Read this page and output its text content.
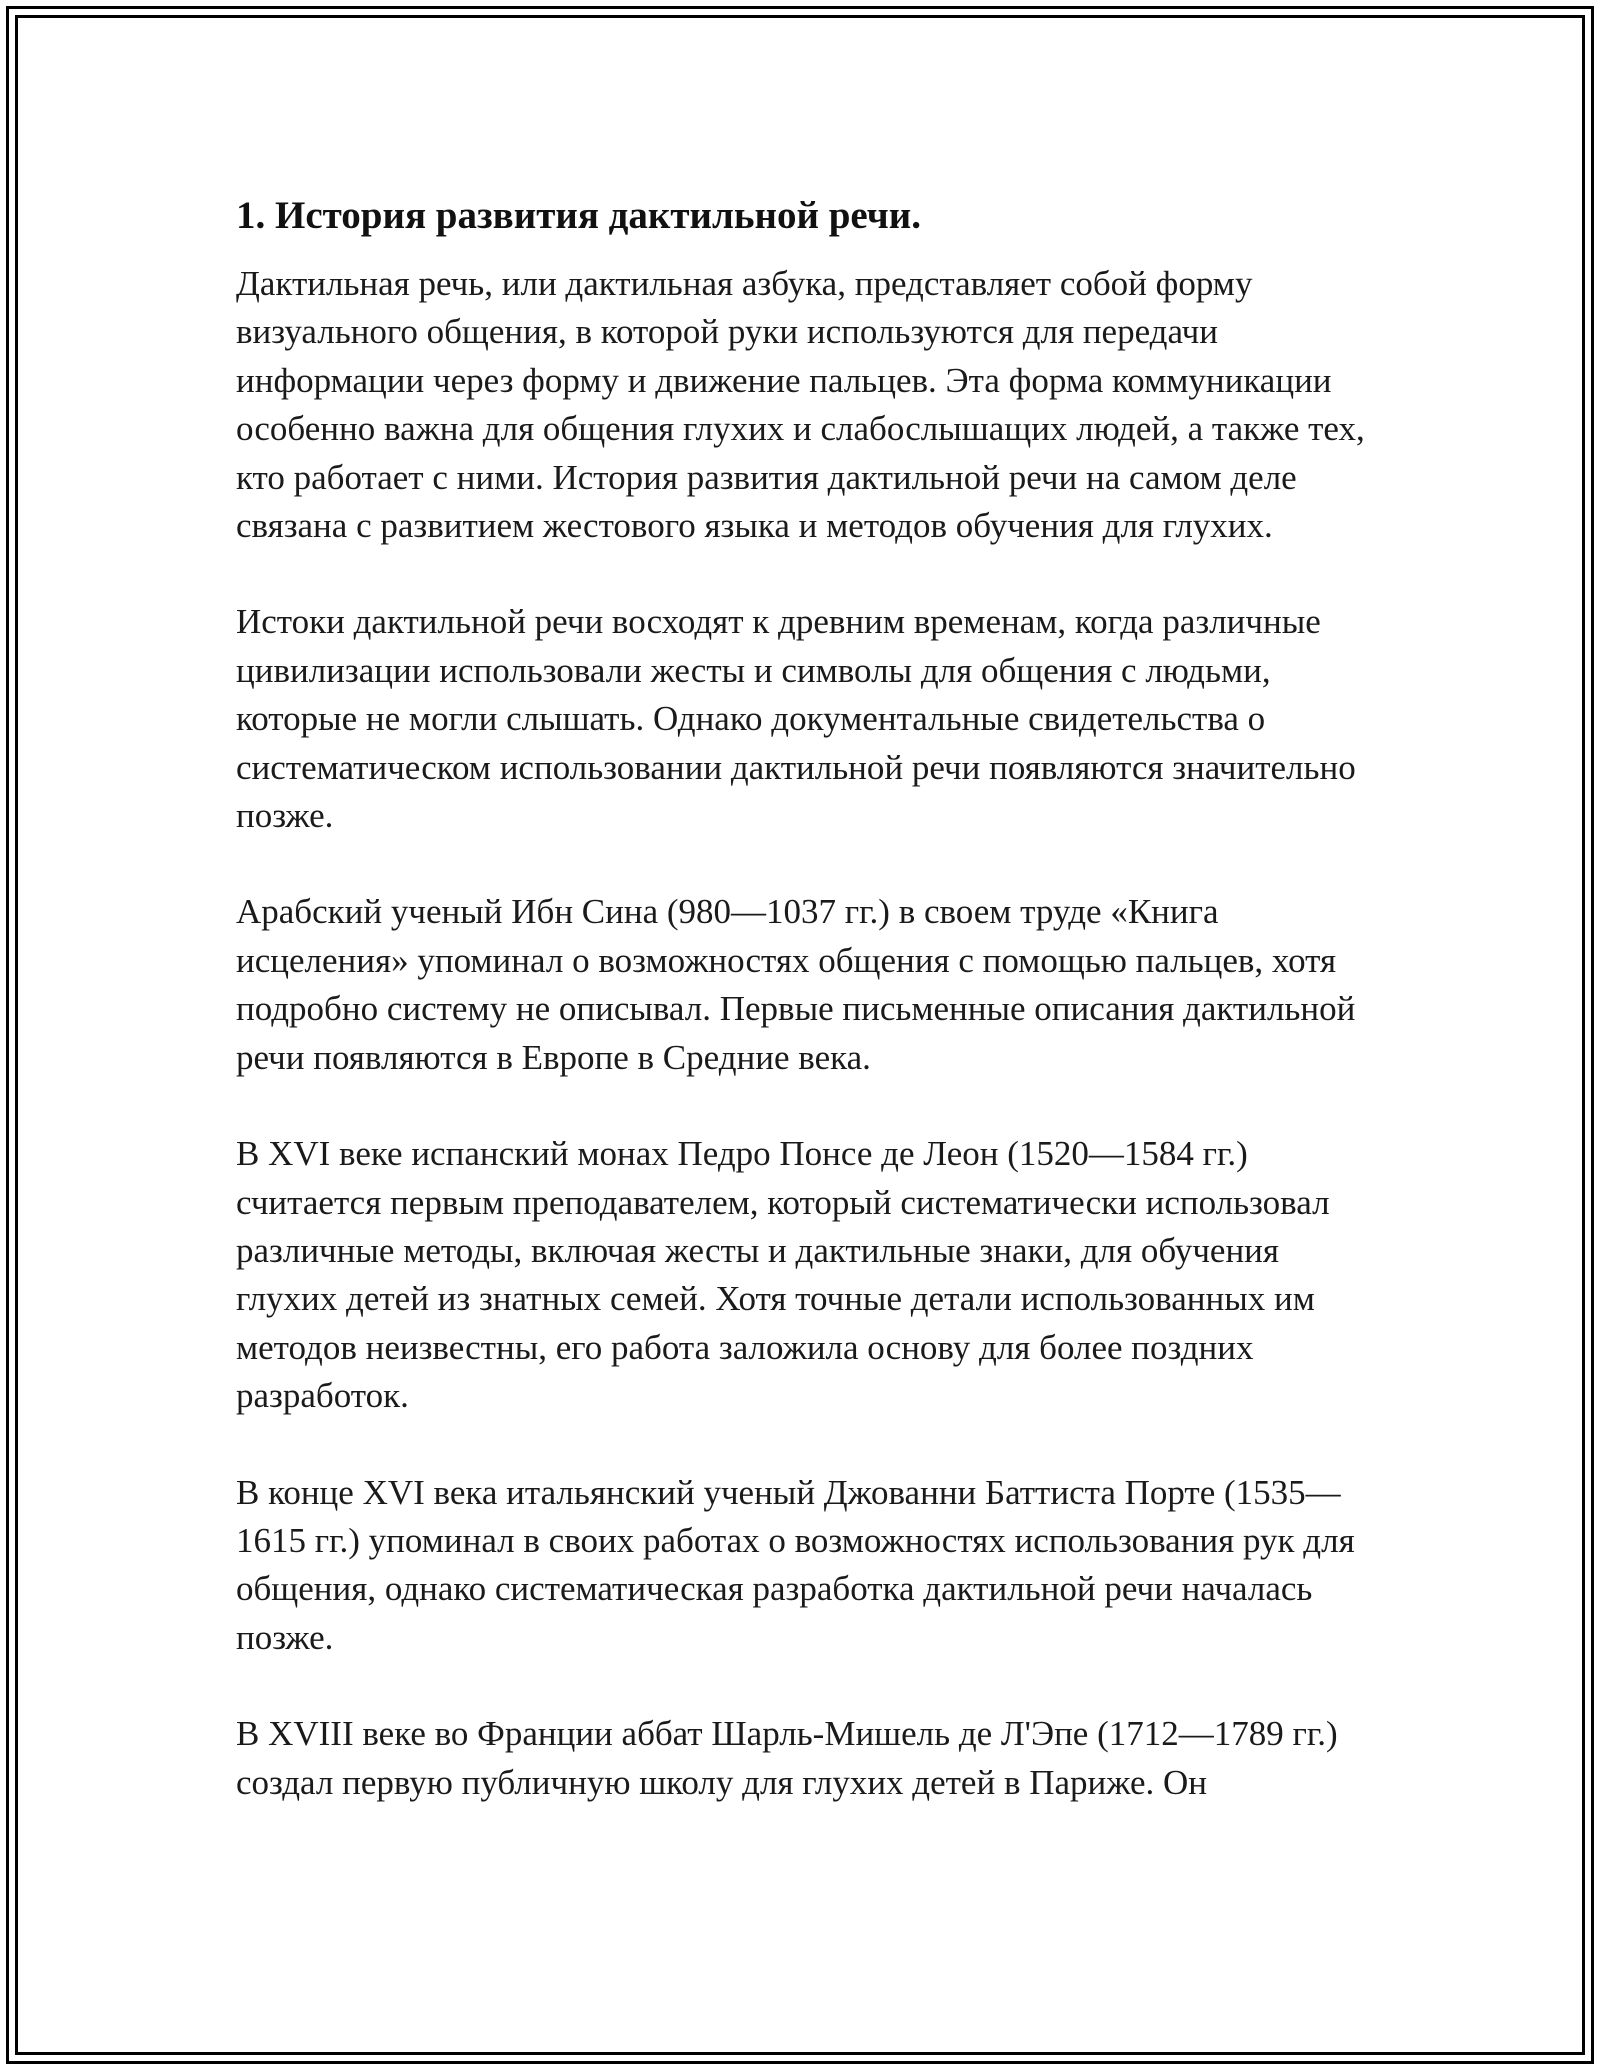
1. История развития дактильной речи.

Дактильная речь, или дактильная азбука, представляет собой форму визуального общения, в которой руки используются для передачи информации через форму и движение пальцев. Эта форма коммуникации особенно важна для общения глухих и слабослышащих людей, а также тех, кто работает с ними. История развития дактильной речи на самом деле связана с развитием жестового языка и методов обучения для глухих.

Истоки дактильной речи восходят к древним временам, когда различные цивилизации использовали жесты и символы для общения с людьми, которые не могли слышать. Однако документальные свидетельства о систематическом использовании дактильной речи появляются значительно позже.

Арабский ученый Ибн Сина (980—1037 гг.) в своем труде «Книга исцеления» упоминал о возможностях общения с помощью пальцев, хотя подробно систему не описывал. Первые письменные описания дактильной речи появляются в Европе в Средние века.

В XVI веке испанский монах Педро Понсе де Леон (1520—1584 гг.) считается первым преподавателем, который систематически использовал различные методы, включая жесты и дактильные знаки, для обучения глухих детей из знатных семей. Хотя точные детали использованных им методов неизвестны, его работа заложила основу для более поздних разработок.

В конце XVI века итальянский ученый Джованни Баттиста Порте (1535—1615 гг.) упоминал в своих работах о возможностях использования рук для общения, однако систематическая разработка дактильной речи началась позже.

В XVIII веке во Франции аббат Шарль-Мишель де Л'Эпе (1712—1789 гг.) создал первую публичную школу для глухих детей в Париже. Он
